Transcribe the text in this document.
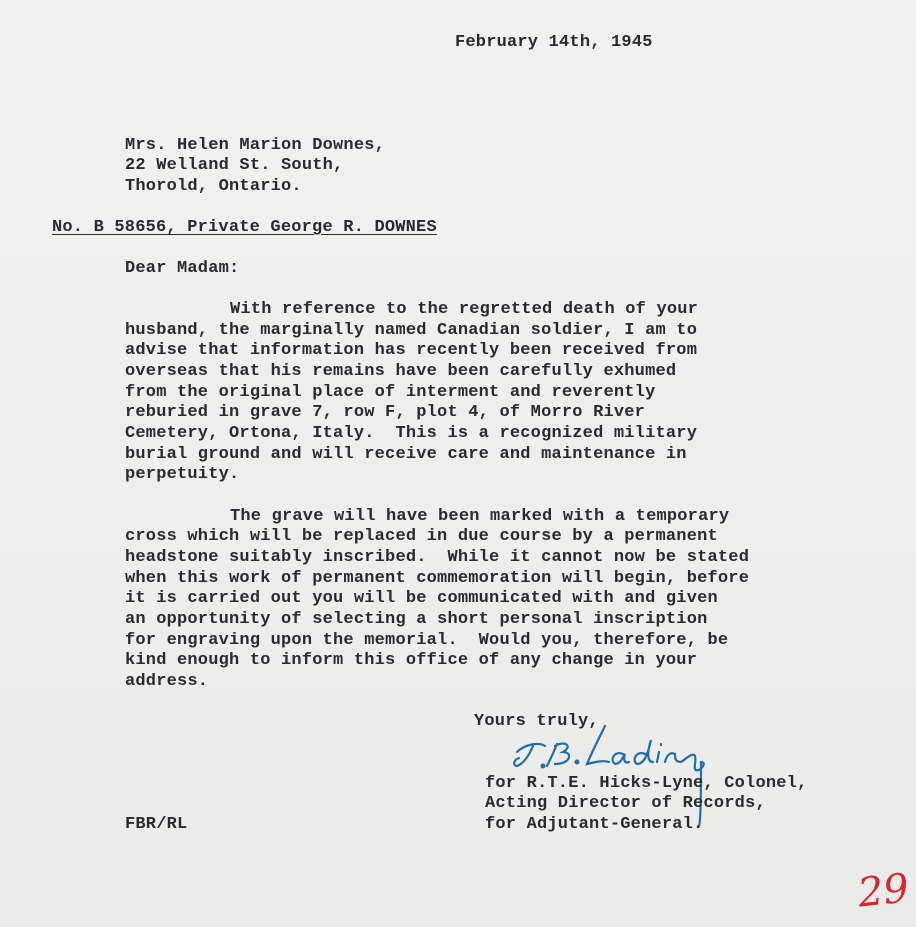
February 14th, 1945
Mrs. Helen Marion Downes,
22 Welland St. South,
Thorold, Ontario.
No. B 58656, Private George R. DOWNES
Dear Madam:
With reference to the regretted death of your
husband, the marginally named Canadian soldier, I am to
advise that information has recently been received from
overseas that his remains have been carefully exhumed
from the original place of interment and reverently
reburied in grave 7, row F, plot 4, of Morro River
Cemetery, Ortona, Italy.  This is a recognized military
burial ground and will receive care and maintenance in
perpetuity.
The grave will have been marked with a temporary
cross which will be replaced in due course by a permanent
headstone suitably inscribed.  While it cannot now be stated
when this work of permanent commemoration will begin, before
it is carried out you will be communicated with and given
an opportunity of selecting a short personal inscription
for engraving upon the memorial.  Would you, therefore, be
kind enough to inform this office of any change in your
address.
Yours truly,
for R.T.E. Hicks-Lyne, Colonel,
Acting Director of Records,
for Adjutant-General.
FBR/RL
29
